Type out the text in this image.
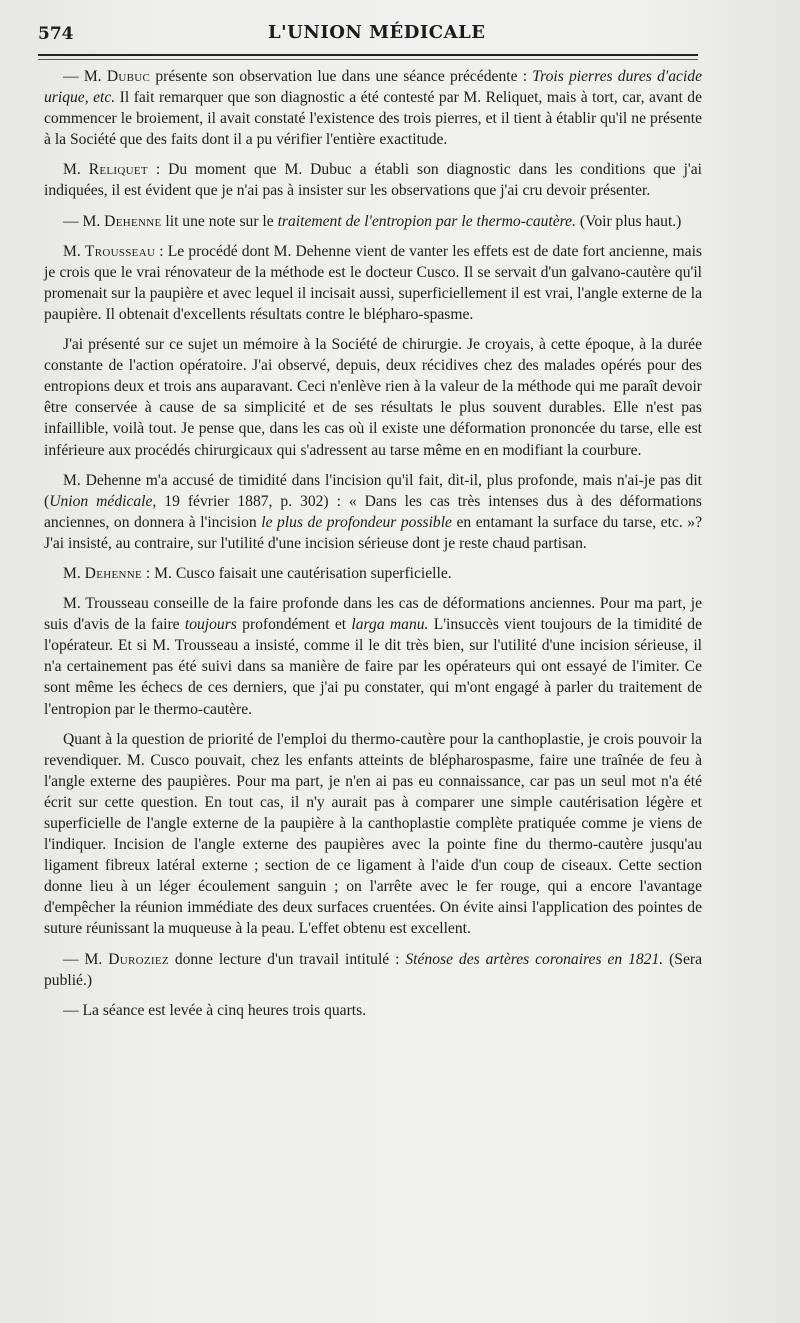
574	L'UNION MÉDICALE

— M. Dubuc présente son observation lue dans une séance précédente : Trois pierres dures d'acide urique, etc. Il fait remarquer que son diagnostic a été contesté par M. Reliquet, mais à tort, car, avant de commencer le broiement, il avait constaté l'existence des trois pierres, et il tient à établir qu'il ne présente à la Société que des faits dont il a pu vérifier l'entière exactitude.

M. Reliquet : Du moment que M. Dubuc a établi son diagnostic dans les conditions que j'ai indiquées, il est évident que je n'ai pas à insister sur les observations que j'ai cru devoir présenter.

— M. Dehenne lit une note sur le traitement de l'entropion par le thermo-cautère. (Voir plus haut.)

M. Trousseau : Le procédé dont M. Dehenne vient de vanter les effets est de date fort ancienne, mais je crois que le vrai rénovateur de la méthode est le docteur Cusco. Il se servait d'un galvano-cautère qu'il promenait sur la paupière et avec lequel il incisait aussi, superficiellement il est vrai, l'angle externe de la paupière. Il obtenait d'excellents résultats contre le blépharo-spasme.

J'ai présenté sur ce sujet un mémoire à la Société de chirurgie. Je croyais, à cette époque, à la durée constante de l'action opératoire. J'ai observé, depuis, deux récidives chez des malades opérés pour des entropions deux et trois ans auparavant. Ceci n'enlève rien à la valeur de la méthode qui me paraît devoir être conservée à cause de sa simplicité et de ses résultats le plus souvent durables. Elle n'est pas infaillible, voilà tout. Je pense que, dans les cas où il existe une déformation prononcée du tarse, elle est inférieure aux procédés chirurgicaux qui s'adressent au tarse même en en modifiant la courbure.

M. Dehenne m'a accusé de timidité dans l'incision qu'il fait, dit-il, plus profonde, mais n'ai-je pas dit (Union médicale, 19 février 1887, p. 302) : « Dans les cas très intenses dus à des déformations anciennes, on donnera à l'incision le plus de profondeur possible en entamant la surface du tarse, etc. »? J'ai insisté, au contraire, sur l'utilité d'une incision sérieuse dont je reste chaud partisan.

M. Dehenne : M. Cusco faisait une cautérisation superficielle.

M. Trousseau conseille de la faire profonde dans les cas de déformations anciennes. Pour ma part, je suis d'avis de la faire toujours profondément et larga manu. L'insuccès vient toujours de la timidité de l'opérateur. Et si M. Trousseau a insisté, comme il le dit très bien, sur l'utilité d'une incision sérieuse, il n'a certainement pas été suivi dans sa manière de faire par les opérateurs qui ont essayé de l'imiter. Ce sont même les échecs de ces derniers, que j'ai pu constater, qui m'ont engagé à parler du traitement de l'entropion par le thermo-cautère.

Quant à la question de priorité de l'emploi du thermo-cautère pour la canthoplastie, je crois pouvoir la revendiquer. M. Cusco pouvait, chez les enfants atteints de blépharospasme, faire une traînée de feu à l'angle externe des paupières. Pour ma part, je n'en ai pas eu connaissance, car pas un seul mot n'a été écrit sur cette question. En tout cas, il n'y aurait pas à comparer une simple cautérisation légère et superficielle de l'angle externe de la paupière à la canthoplastie complète pratiquée comme je viens de l'indiquer. Incision de l'angle externe des paupières avec la pointe fine du thermo-cautère jusqu'au ligament fibreux latéral externe ; section de ce ligament à l'aide d'un coup de ciseaux. Cette section donne lieu à un léger écoulement sanguin ; on l'arrête avec le fer rouge, qui a encore l'avantage d'empêcher la réunion immédiate des deux surfaces cruentées. On évite ainsi l'application des pointes de suture réunissant la muqueuse à la peau. L'effet obtenu est excellent.

— M. Duroziez donne lecture d'un travail intitulé : Sténose des artères coronaires en 1821. (Sera publié.)

— La séance est levée à cinq heures trois quarts.
